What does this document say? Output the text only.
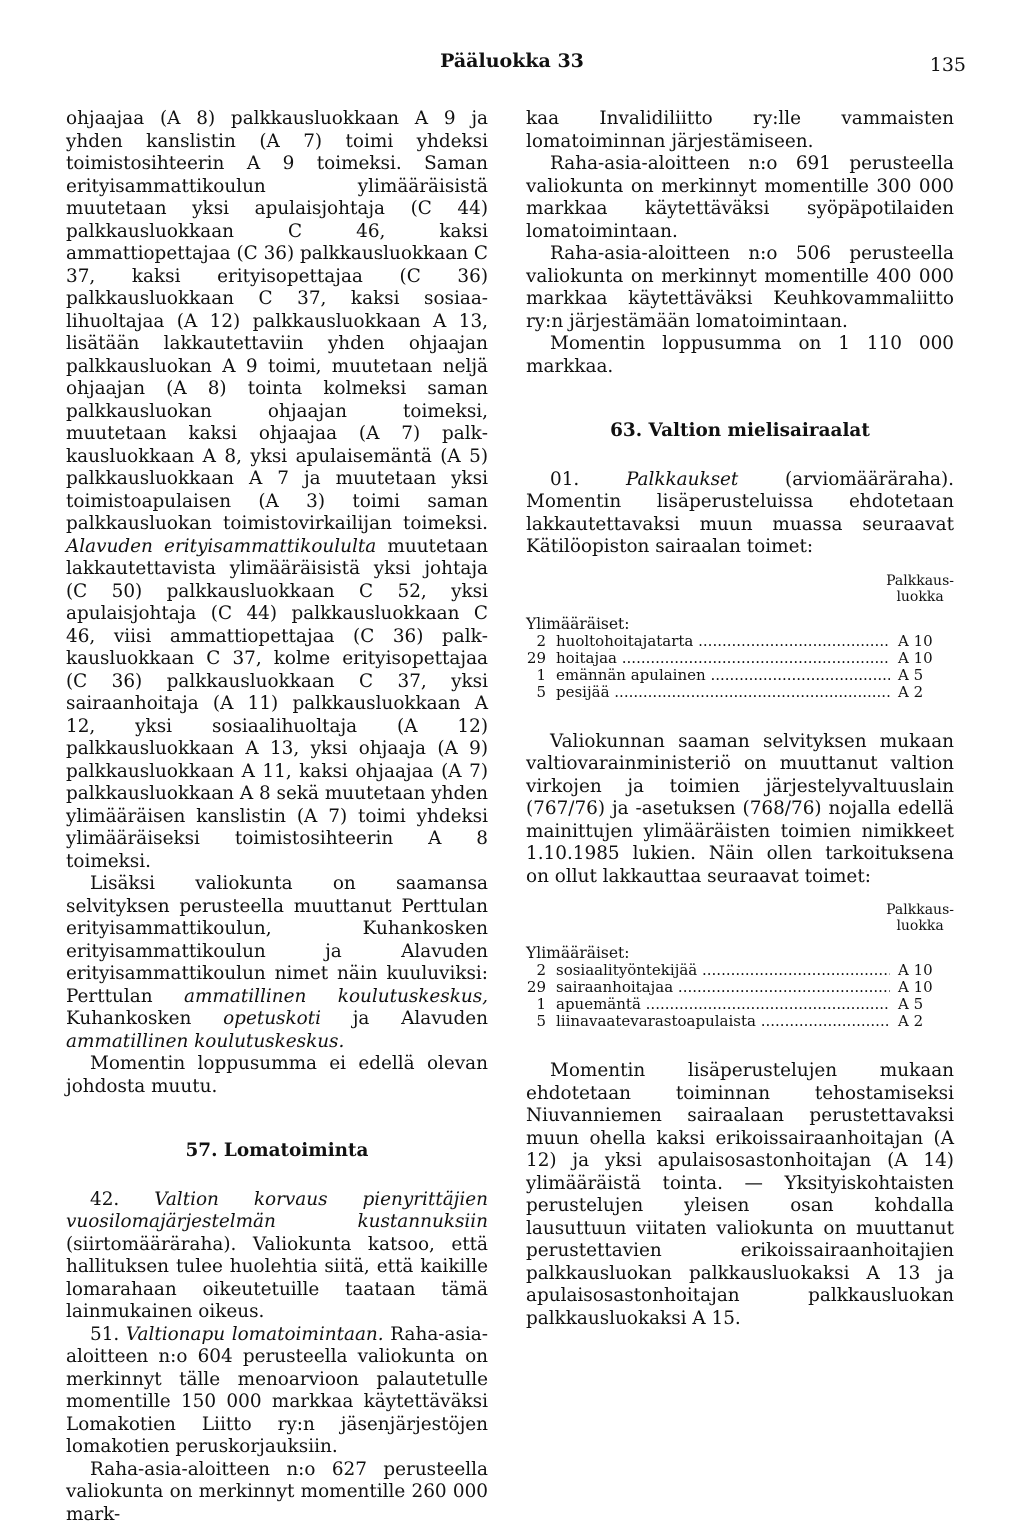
Pääluokka 33	135

ohjaajaa (A 8) palkkausluokkaan A 9 ja yhden kanslistin (A 7) toimi yhdeksi toimistosihteerin A 9 toimeksi. Saman erityisammattikoulun ylimääräisistä muutetaan yksi apulaisjohtaja (C 44) palkkausluokkaan C 46, kaksi ammattiopettajaa (C 36) palkkausluokkaan C 37, kaksi erityisopettajaa (C 36) palkkausluokkaan C 37, kaksi sosiaalihuoltajaa (A 12) palkkausluokkaan A 13, lisätään lakkautettaviin yhden ohjaajan palkkausluokan A 9 toimi, muutetaan neljä ohjaajan (A 8) tointa kolmeksi saman palkkausluokan ohjaajan toimeksi, muutetaan kaksi ohjaajaa (A 7) palkkausluokkaan A 8, yksi apulaisemäntä (A 5) palkkausluokkaan A 7 ja muutetaan yksi toimistoapulaisen (A 3) toimi saman palkkausluokan toimistovirkailijan toimeksi. Alavuden erityisammattikoululta muutetaan lakkautettavista ylimääräisistä yksi johtaja (C 50) palkkausluokkaan C 52, yksi apulaisjohtaja (C 44) palkkausluokkaan C 46, viisi ammattiopettajaa (C 36) palkkausluokkaan C 37, kolme erityisopettajaa (C 36) palkkausluokkaan C 37, yksi sairaanhoitaja (A 11) palkkausluokkaan A 12, yksi sosiaalihuoltaja (A 12) palkkausluokkaan A 13, yksi ohjaaja (A 9) palkkausluokkaan A 11, kaksi ohjaajaa (A 7) palkkausluokkaan A 8 sekä muutetaan yhden ylimääräisen kanslistin (A 7) toimi yhdeksi ylimääräiseksi toimistosihteerin A 8 toimeksi.

Lisäksi valiokunta on saamansa selvityksen perusteella muuttanut Perttulan erityisammattikoulun, Kuhankosken erityisammattikoulun ja Alavuden erityisammattikoulun nimet näin kuuluviksi: Perttulan ammatillinen koulutuskeskus, Kuhankosken opetuskoti ja Alavuden ammatillinen koulutuskeskus.

Momentin loppusumma ei edellä olevan johdosta muutu.

57. Lomatoiminta

42. Valtion korvaus pienyrittäjien vuosilomajärjestelmän kustannuksiin (siirtomääräraha). Valiokunta katsoo, että hallituksen tulee huolehtia siitä, että kaikille lomarahaan oikeutetuille taataan tämä lainmukainen oikeus.

51. Valtionapu lomatoimintaan. Raha-asiaaloitteen n:o 604 perusteella valiokunta on merkinnyt tälle menoarvioon palautetulle momentille 150 000 markkaa käytettäväksi Lomakotien Liitto ry:n jäsenjärjestöjen lomakotien peruskorjauksiin.

Raha-asia-aloitteen n:o 627 perusteella valiokunta on merkinnyt momentille 260 000 mark-

kaa Invalidiliitto ry:lle vammaisten lomatoiminnan järjestämiseen.

Raha-asia-aloitteen n:o 691 perusteella valiokunta on merkinnyt momentille 300 000 markkaa käytettäväksi syöpäpotilaiden lomatoimintaan.

Raha-asia-aloitteen n:o 506 perusteella valiokunta on merkinnyt momentille 400 000 markkaa käytettäväksi Keuhkovammaliitto ry:n järjestämään lomatoimintaan.

Momentin loppusumma on 1 110 000 markkaa.

63. Valtion mielisairaalat

01.	Palkkaukset	(arviomääräraha). Momentin lisäperusteluissa ehdotetaan lakkautettavaksi muun muassa seuraavat Kätilöopiston sairaalan toimet:

Ylimääräiset:
Palkkaus-
luokka
2 huoltohoitajatarta .....	A 10
29 hoitajaa .....	A 10
1 emännän apulainen .....	A 5
5 pesijää .....	A 2

Valiokunnan saaman selvityksen mukaan valtiovarainministeriö on muuttanut valtion virkojen ja toimien järjestelyvaltuuslain (767/76) ja -asetuksen (768/76) nojalla edellä mainittujen ylimääräisten toimien nimikkeet 1.10.1985 lukien. Näin ollen tarkoituksena on ollut lakkauttaa seuraavat toimet:

Ylimääräiset:
Palkkaus-
luokka
2 sosiaalityöntekijää .....	A 10
29 sairaanhoitajaa .....	A 10
1 apuemäntä .....	A 5
5 liinavaatevarastoapulaista .....	A 2

Momentin lisäperustelujen mukaan ehdotetaan toiminnan tehostamiseksi Niuvanniemen sairaalaan perustettavaksi muun ohella kaksi erikoissairaanhoitajan (A 12) ja yksi apulaisosastonhoitajan (A 14) ylimääräistä tointa. — Yksityiskohtaisten perustelujen yleisen osan kohdalla lausuttuun viitaten valiokunta on muuttanut perustettavien erikoissairaanhoitajien palkkausluokan palkkausluokaksi A 13 ja apulaisosastonhoitajan palkkausluokan palkkausluokaksi A 15.
